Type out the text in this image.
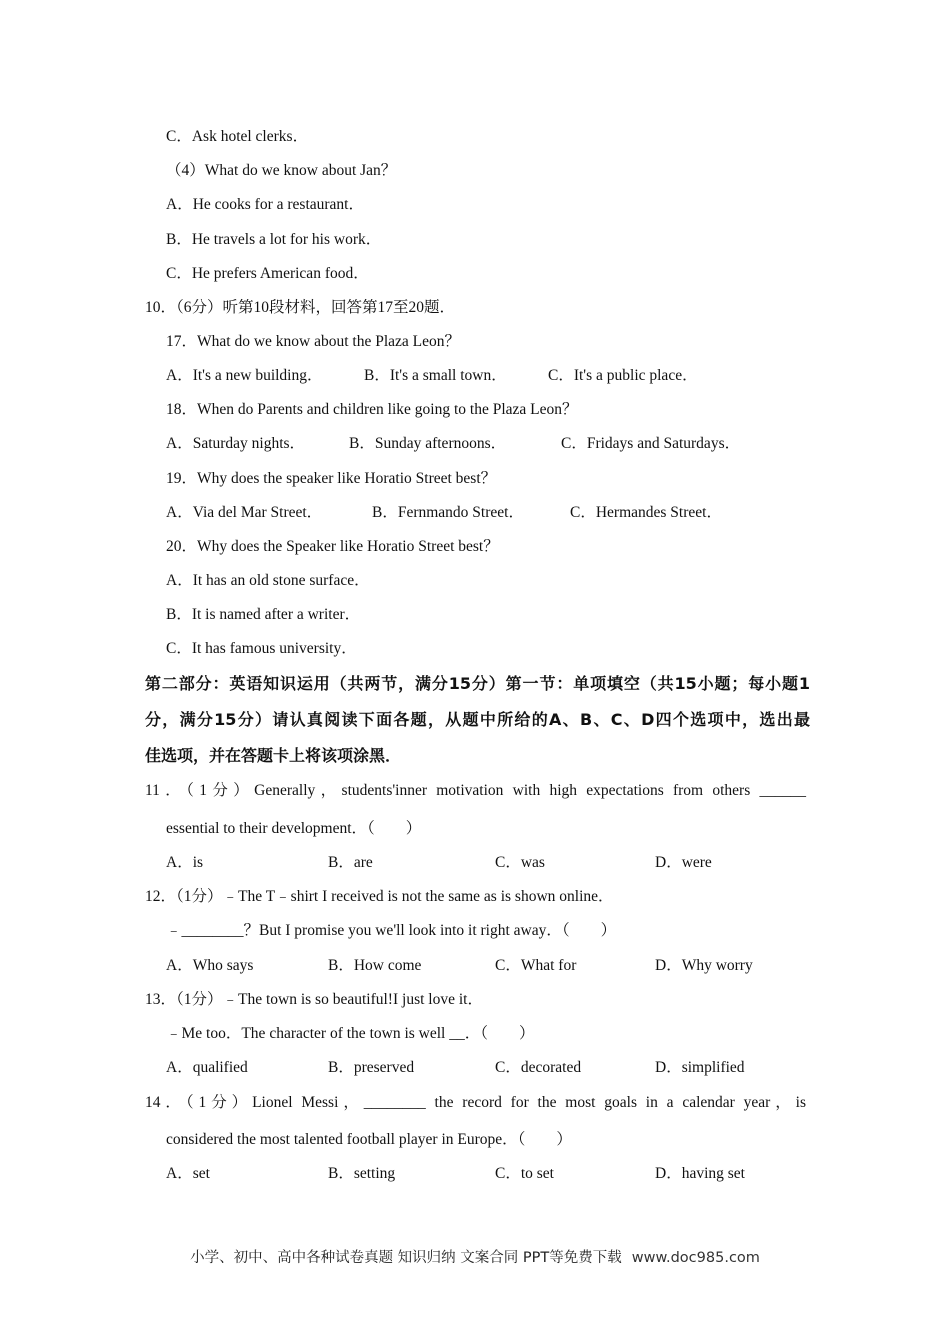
C．Ask hotel clerks．
（4）What do we know about Jan？
A．He cooks for a restaurant．
B．He travels a lot for his work．
C．He prefers American food．
10．（6分）听第10段材料，回答第17至20题．
17．What do we know about the Plaza Leon？
A．It's a new building．	B．It's a small town．	C．It's a public place．
18．When do Parents and children like going to the Plaza Leon？
A．Saturday nights．	B．Sunday afternoons．	C．Fridays and Saturdays．
19．Why does the speaker like Horatio Street best？
A．Via del Mar Street．	B．Fernmando Street．	C．Hermandes Street．
20．Why does the Speaker like Horatio Street best？
A．It has an old stone surface．
B．It is named after a writer．
C．It has famous university．
第二部分：英语知识运用（共两节，满分15分）第一节：单项填空（共15小题；每小题1
分，满分15分）请认真阅读下面各题，从题中所给的A、B、C、D四个选项中，选出最
佳选项，并在答题卡上将该项涂黑．
11．（1分）Generally，students'inner motivation with high expectations from others ______
essential to their development．（　　）
A．is	B．are	C．was	D．were
12．（1分）﹣The T﹣shirt I received is not the same as is shown online．
﹣________？But I promise you we'll look into it right away．（　　）
A．Who says	B．How come	C．What for	D．Why worry
13．（1分）﹣The town is so beautiful!I just love it．
﹣Me too．The character of the town is well __．（　　）
A．qualified	B．preserved	C．decorated	D．simplified
14．（1分）Lionel Messi，________ the record for the most goals in a calendar year，is
considered the most talented football player in Europe．（　　）
A．set	B．setting	C．to set	D．having set
小学、初中、高中各种试卷真题 知识归纳 文案合同 PPT等免费下载 www.doc985.com
